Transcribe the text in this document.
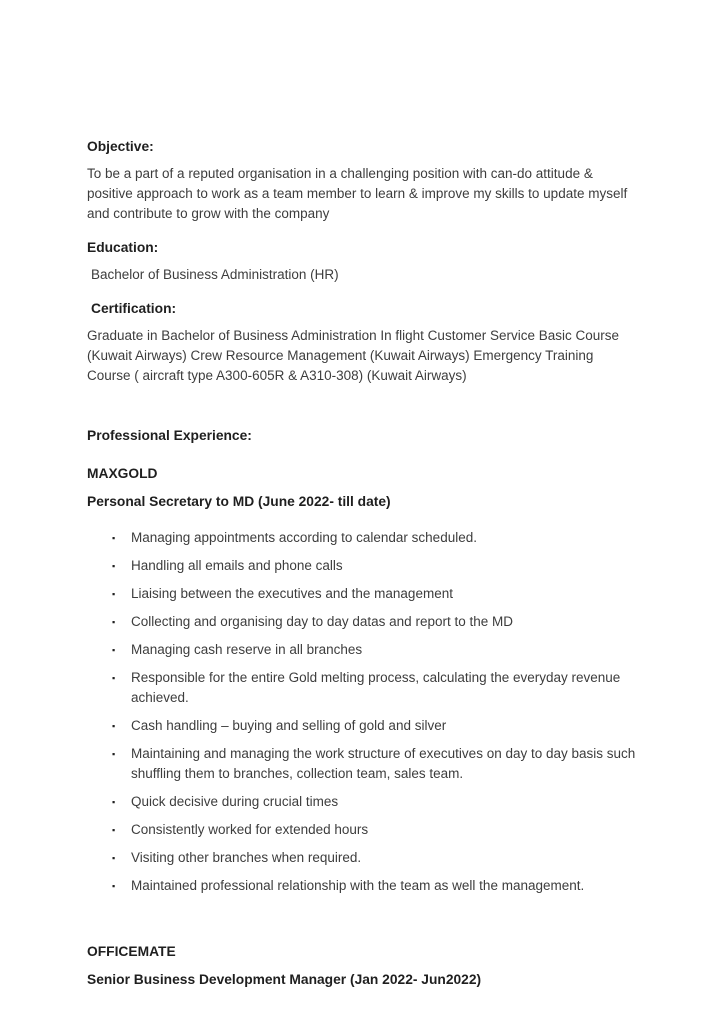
Objective:

To be a part of a reputed organisation in a challenging position with can-do attitude & positive approach to work as a team member to learn & improve my skills to update myself and contribute to grow with the company

Education:

Bachelor of Business Administration (HR)

Certification:

Graduate in Bachelor of Business Administration In flight Customer Service Basic Course (Kuwait Airways) Crew Resource Management (Kuwait Airways) Emergency Training Course ( aircraft type A300-605R & A310-308) (Kuwait Airways)

Professional Experience:
MAXGOLD
Personal Secretary to MD (June 2022- till date)
▪	Managing appointments according to calendar scheduled.
▪	Handling all emails and phone calls
▪	Liaising between the executives and the management
▪	Collecting and organising day to day datas and report to the MD
▪	Managing cash reserve in all branches
▪	Responsible for the entire Gold melting process, calculating the everyday revenue achieved.
▪	Cash handling – buying and selling of gold and silver
▪	Maintaining and managing the work structure of executives on day to day basis such shuffling them to branches, collection team, sales team.
▪	Quick decisive during crucial times
▪	Consistently worked for extended hours
▪	Visiting other branches when required.
▪	Maintained professional relationship with the team as well the management.
OFFICEMATE
Senior Business Development Manager (Jan 2022- Jun2022)
